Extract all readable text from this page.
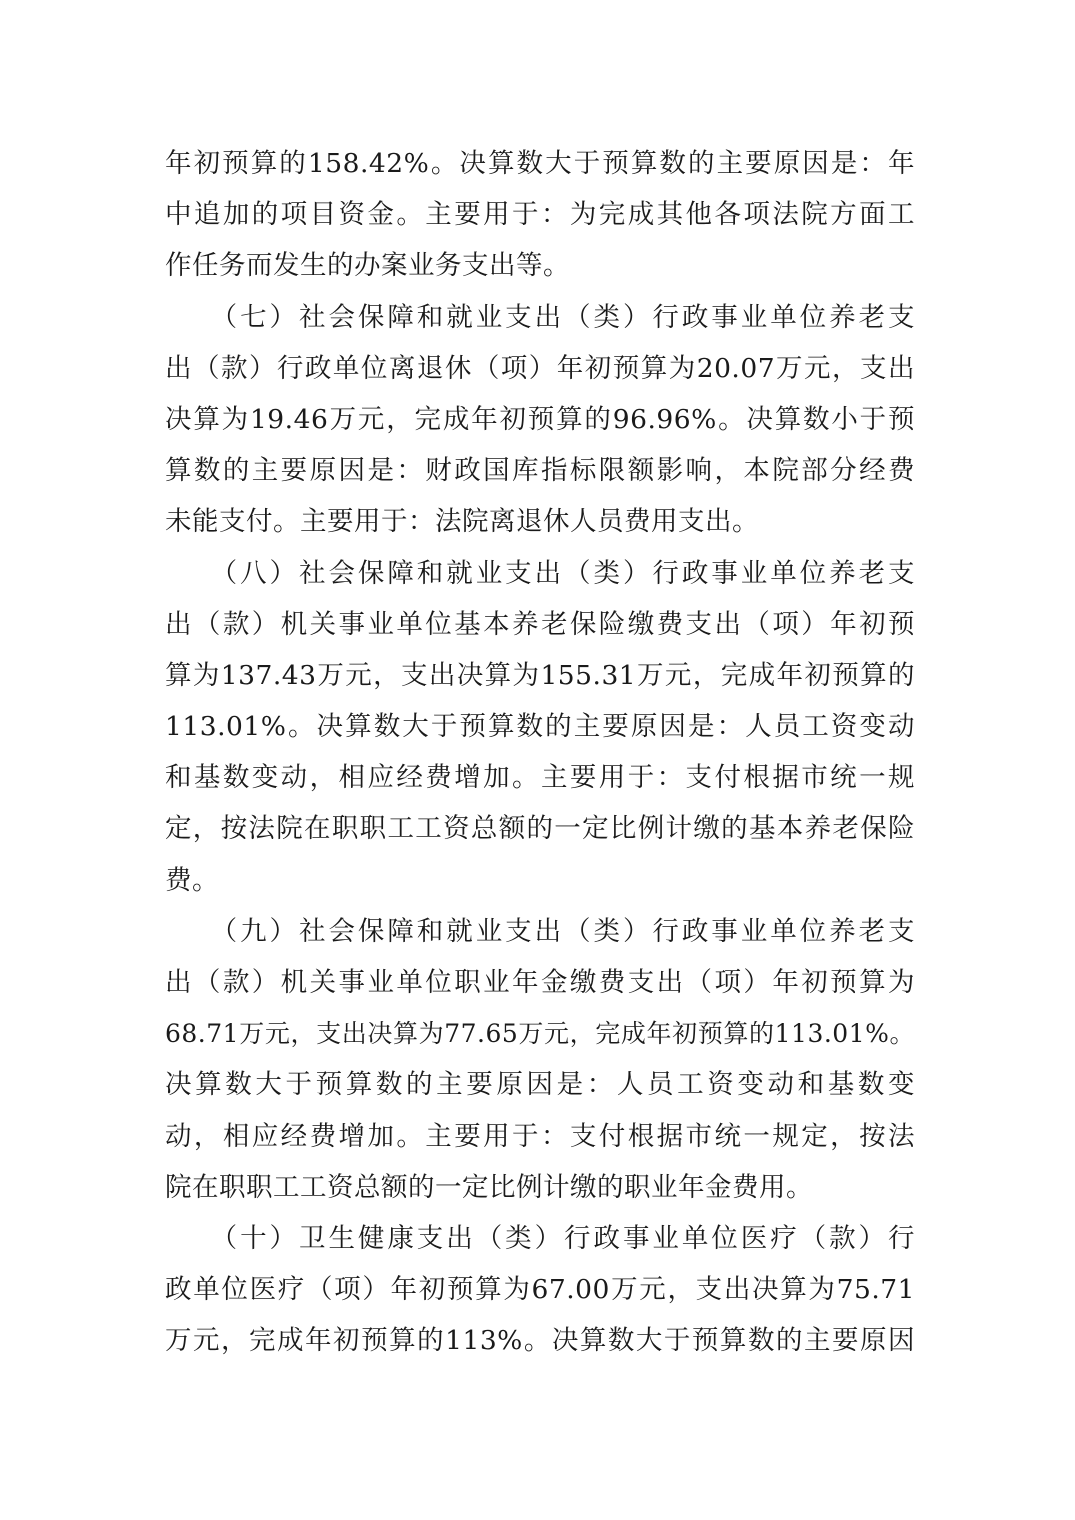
年初预算的158.42%。决算数大于预算数的主要原因是：年
中追加的项目资金。主要用于：为完成其他各项法院方面工
作任务而发生的办案业务支出等。
　　（七）社会保障和就业支出（类）行政事业单位养老支
出（款）行政单位离退休（项）年初预算为20.07万元，支出
决算为19.46万元，完成年初预算的96.96%。决算数小于预
算数的主要原因是：财政国库指标限额影响，本院部分经费
未能支付。主要用于：法院离退休人员费用支出。
　　（八）社会保障和就业支出（类）行政事业单位养老支
出（款）机关事业单位基本养老保险缴费支出（项）年初预
算为137.43万元，支出决算为155.31万元，完成年初预算的
113.01%。决算数大于预算数的主要原因是：人员工资变动
和基数变动，相应经费增加。主要用于：支付根据市统一规
定，按法院在职职工工资总额的一定比例计缴的基本养老保险
费。
　　（九）社会保障和就业支出（类）行政事业单位养老支
出（款）机关事业单位职业年金缴费支出（项）年初预算为
68.71万元，支出决算为77.65万元，完成年初预算的113.01%。
决算数大于预算数的主要原因是：人员工资变动和基数变
动，相应经费增加。主要用于：支付根据市统一规定，按法
院在职职工工资总额的一定比例计缴的职业年金费用。
　　（十）卫生健康支出（类）行政事业单位医疗（款）行
政单位医疗（项）年初预算为67.00万元，支出决算为75.71
万元，完成年初预算的113%。决算数大于预算数的主要原因
